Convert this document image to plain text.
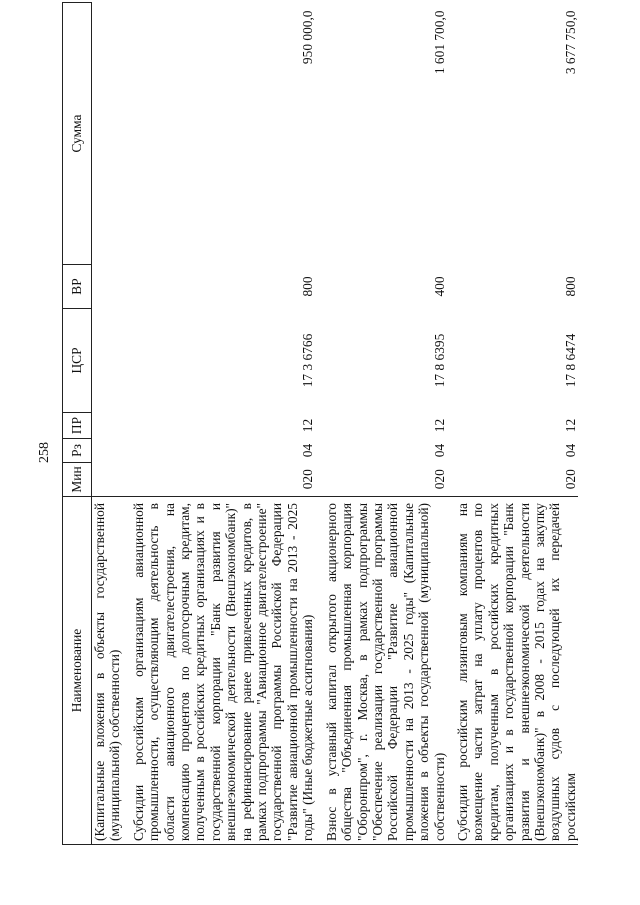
258
Наименование	Мин	Рз	ПР	ЦСР	ВР	Сумма
(Капитальные вложения в объекты государственной (муниципальной) собственности)						

Субсидии российским организациям авиационной промышленности, осуществляющим деятельность в области авиационного двигателестроения, на компенсацию процентов по долгосрочным кредитам, полученным в российских кредитных организациях и в государственной корпорации "Банк развития и внешнеэкономической деятельности (Внешэкономбанк)" на рефинансирование ранее привлеченных кредитов, в рамках подпрограммы "Авиационное двигателестроение" государственной программы Российской Федерации "Развитие авиационной промышленности на 2013 - 2025 годы" (Иные бюджетные ассигнования)	020	04	12	17 3 6766	800	950 000,0

Взнос в уставный капитал открытого акционерного общества "Объединенная промышленная корпорация "Оборонпром", г. Москва, в рамках подпрограммы "Обеспечение реализации государственной программы Российской Федерации "Развитие авиационной промышленности на 2013 - 2025 годы" (Капитальные вложения в объекты государственной (муниципальной) собственности)	020	04	12	17 8 6395	400	1 601 700,0

Субсидии российским лизинговым компаниям на возмещение части затрат на уплату процентов по кредитам, полученным в российских кредитных организациях и в государственной корпорации "Банк развития и внешнеэкономической деятельности (Внешэкономбанк)" в 2008 - 2015 годах на закупку воздушных судов с последующей их передачей российским	020	04	12	17 8 6474	800	3 677 750,0
